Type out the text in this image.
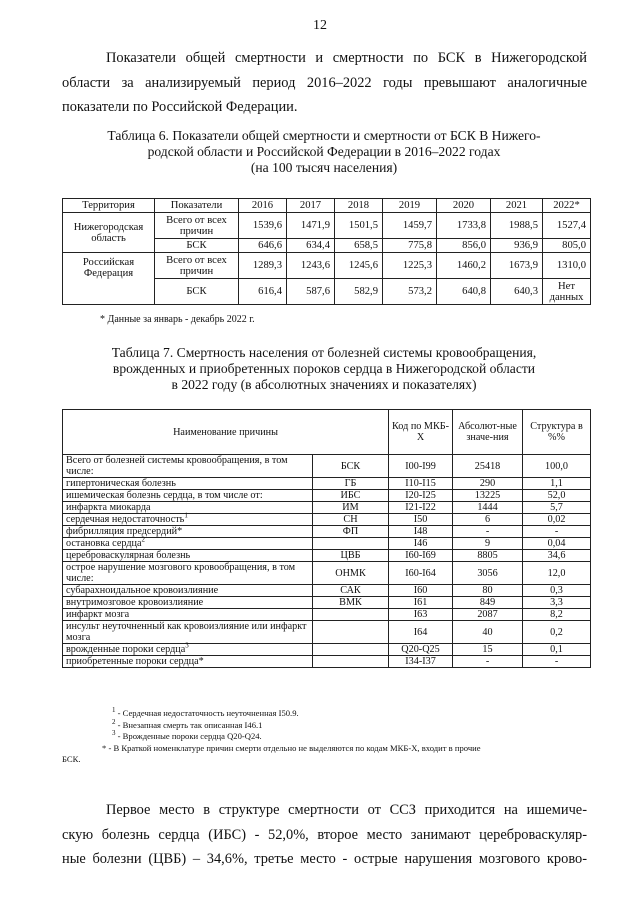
12
Показатели общей смертности и смертности по БСК в Нижегородской
области за анализируемый период 2016–2022 годы превышают аналогичные
показатели по Российской Федерации.
Таблица 6. Показатели общей смертности и смертности от БСК В Нижего-
родской области и Российской Федерации в 2016–2022 годах
(на 100 тысяч населения)
Территория	Показатели	2016	2017	2018	2019	2020	2021	2022*
Нижегородская область	Всего от всех причин	1539,6	1471,9	1501,5	1459,7	1733,8	1988,5	1527,4
	БСК	646,6	634,4	658,5	775,8	856,0	936,9	805,0
Российская Федерация	Всего от всех причин	1289,3	1243,6	1245,6	1225,3	1460,2	1673,9	1310,0
	БСК	616,4	587,6	582,9	573,2	640,8	640,3	Нет данных
* Данные за январь - декабрь 2022 г.
Таблица 7. Смертность населения от болезней системы кровообращения,
врожденных и приобретенных пороков сердца в Нижегородской области
в 2022 году (в абсолютных значениях и показателях)
Наименование причины		Код по МКБ-Х	Абсолют-ные значе-ния	Структура в %%
Всего от болезней системы кровообращения, в том числе:	БСК	I00-I99	25418	100,0
гипертоническая болезнь	ГБ	I10-I15	290	1,1
ишемическая болезнь сердца, в том числе от:	ИБС	I20-I25	13225	52,0
инфаркта миокарда	ИМ	I21-I22	1444	5,7
сердечная недостаточность$^1$	СН	I50	6	0,02
фибрилляция предсердий*	ФП	I48	-	-
остановка сердца$^2$		I46	9	0,04
цереброваскулярная болезнь	ЦВБ	I60-I69	8805	34,6
острое нарушение мозгового кровообращения, в том числе:	ОНМК	I60-I64	3056	12,0
субарахноидальное кровоизлияние	САК	I60	80	0,3
внутримозговое кровоизлияние	ВМК	I61	849	3,3
инфаркт мозга		I63	2087	8,2
инсульт неуточненный как кровоизлияние или инфаркт мозга		I64	40	0,2
врожденные пороки сердца$^3$		Q20-Q25	15	0,1
приобретенные пороки сердца*		I34-I37	-	-
$^1$ - Сердечная недостаточность неуточненная I50.9.
$^2$ - Внезапная смерть так описанная I46.1
$^3$ - Врожденные пороки сердца Q20-Q24.
* - В Краткой номенклатуре причин смерти отдельно не выделяются по кодам МКБ-Х, входит в прочие
БСК.
Первое место в структуре смертности от ССЗ приходится на ишемиче-
скую болезнь сердца (ИБС) - 52,0%, второе место занимают цереброваскуляр-
ные болезни (ЦВБ) – 34,6%, третье место - острые нарушения мозгового крово-
